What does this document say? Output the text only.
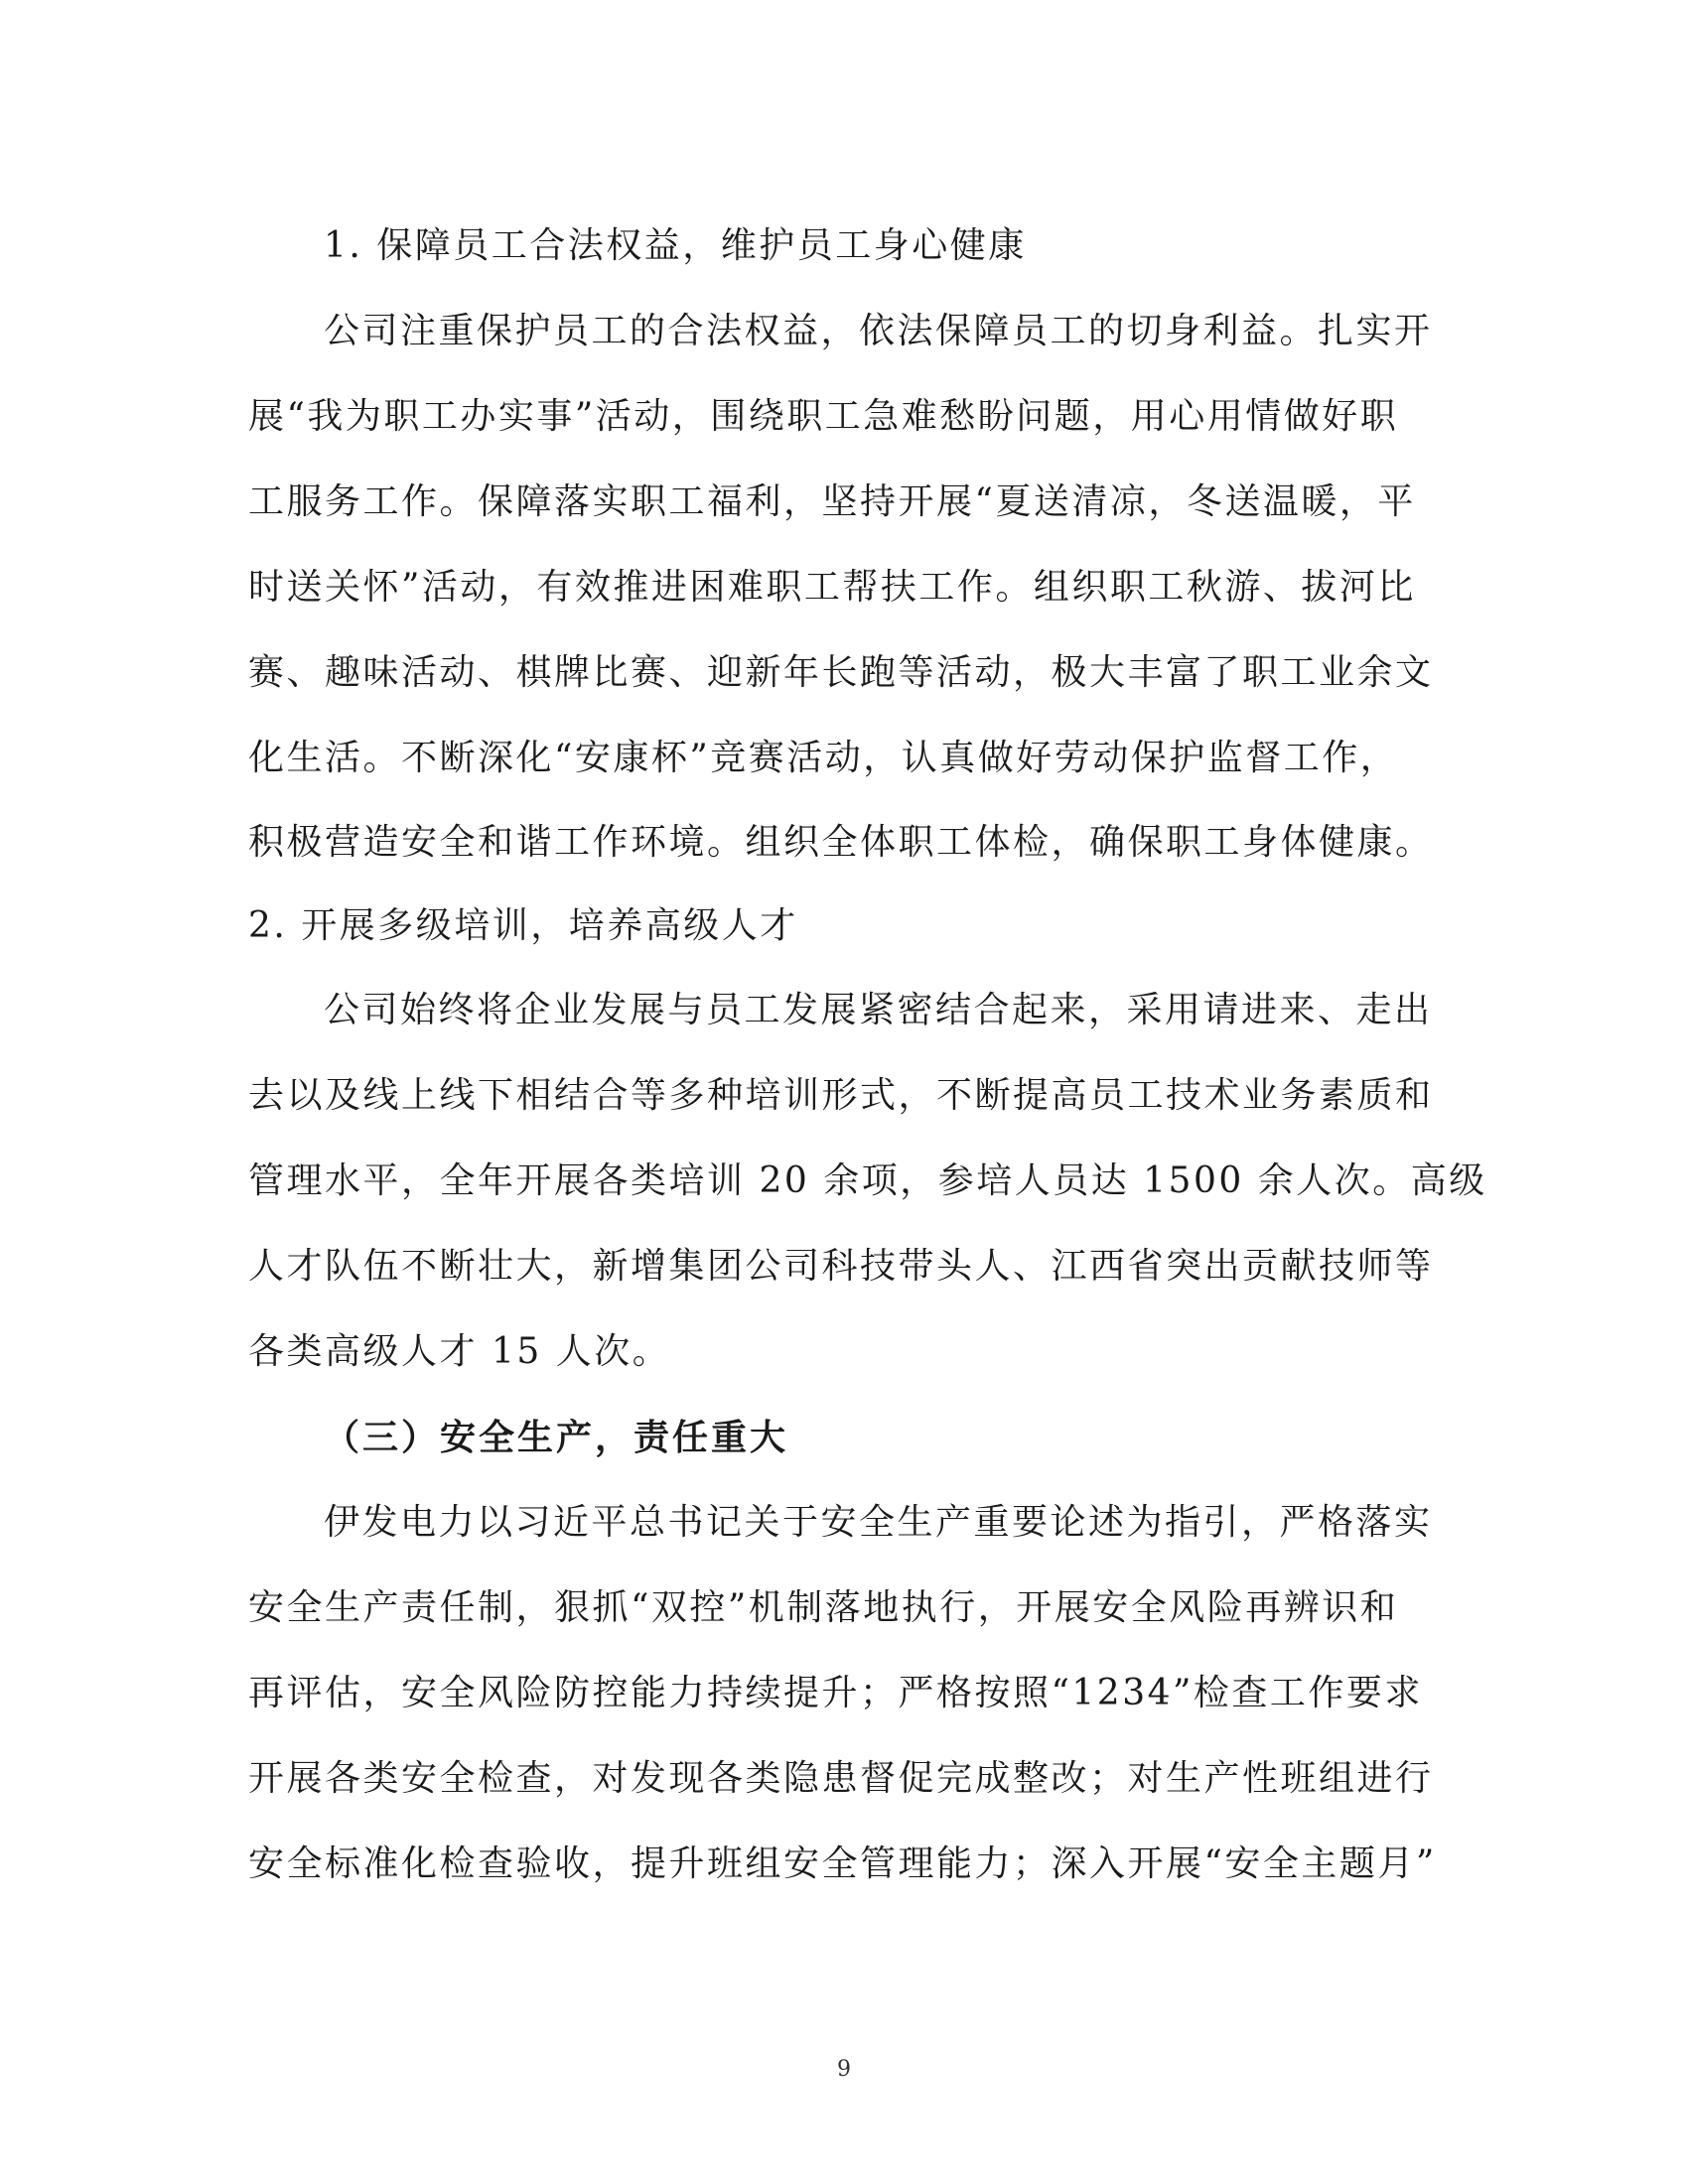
1. 保障员工合法权益，维护员工身心健康
公司注重保护员工的合法权益，依法保障员工的切身利益。扎实开
展“我为职工办实事”活动，围绕职工急难愁盼问题，用心用情做好职
工服务工作。保障落实职工福利，坚持开展“夏送清凉，冬送温暖，平
时送关怀”活动，有效推进困难职工帮扶工作。组织职工秋游、拔河比
赛、趣味活动、棋牌比赛、迎新年长跑等活动，极大丰富了职工业余文
化生活。不断深化“安康杯”竞赛活动，认真做好劳动保护监督工作，
积极营造安全和谐工作环境。组织全体职工体检，确保职工身体健康。
2. 开展多级培训，培养高级人才
公司始终将企业发展与员工发展紧密结合起来，采用请进来、走出
去以及线上线下相结合等多种培训形式，不断提高员工技术业务素质和
管理水平，全年开展各类培训 20 余项，参培人员达 1500 余人次。高级
人才队伍不断壮大，新增集团公司科技带头人、江西省突出贡献技师等
各类高级人才 15 人次。
（三）安全生产，责任重大
伊发电力以习近平总书记关于安全生产重要论述为指引，严格落实
安全生产责任制，狠抓“双控”机制落地执行，开展安全风险再辨识和
再评估，安全风险防控能力持续提升；严格按照“1234”检查工作要求
开展各类安全检查，对发现各类隐患督促完成整改；对生产性班组进行
安全标准化检查验收，提升班组安全管理能力；深入开展“安全主题月”
9
